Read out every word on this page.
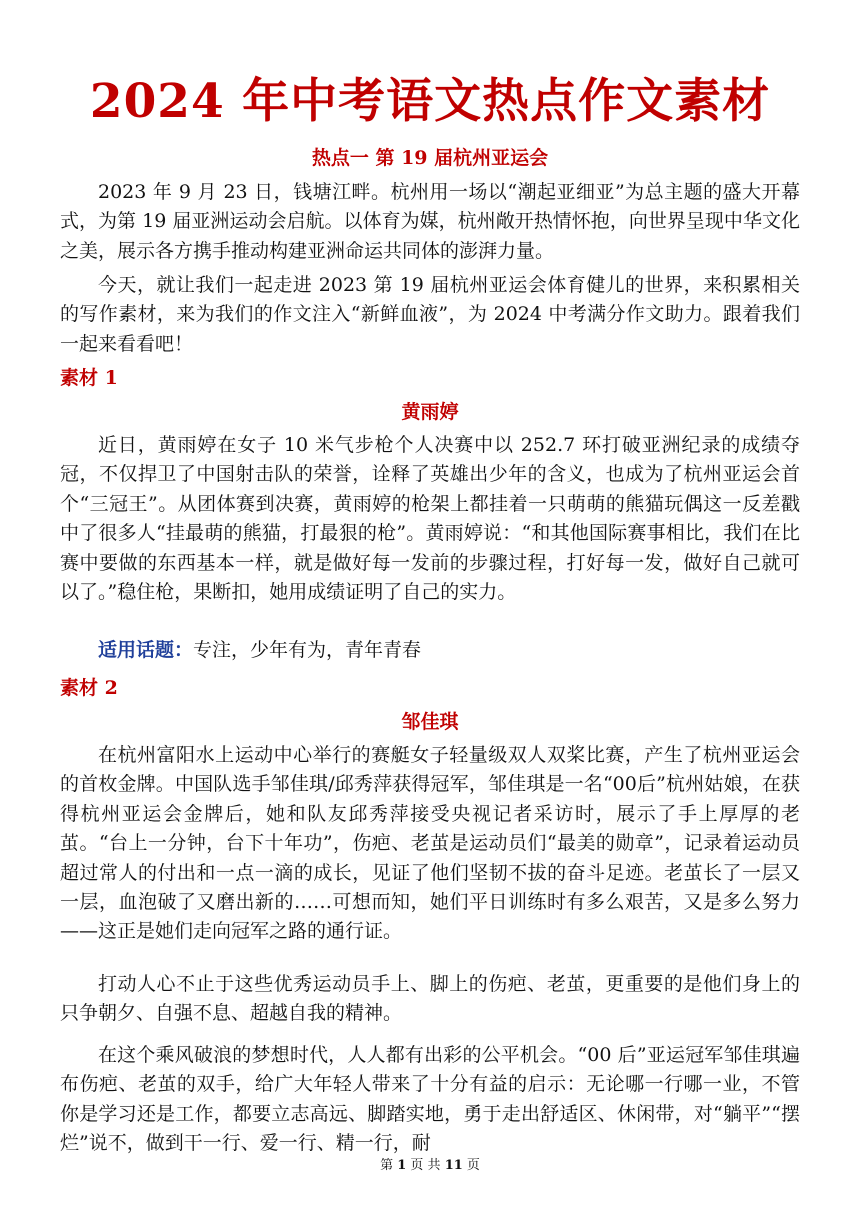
2024 年中考语文热点作文素材
热点一 第 19 届杭州亚运会

2023 年 9 月 23 日，钱塘江畔。杭州用一场以“潮起亚细亚”为总主题的盛大开幕式，为第 19 届亚洲运动会启航。以体育为媒，杭州敞开热情怀抱，向世界呈现中华文化之美，展示各方携手推动构建亚洲命运共同体的澎湃力量。

今天，就让我们一起走进 2023 第 19 届杭州亚运会体育健儿的世界，来积累相关的写作素材，来为我们的作文注入“新鲜血液”，为 2024 中考满分作文助力。跟着我们一起来看看吧！

素材 1
黄雨婷

近日，黄雨婷在女子 10 米气步枪个人决赛中以 252.7 环打破亚洲纪录的成绩夺冠，不仅捍卫了中国射击队的荣誉，诠释了英雄出少年的含义，也成为了杭州亚运会首个“三冠王”。从团体赛到决赛，黄雨婷的枪架上都挂着一只萌萌的熊猫玩偶这一反差戳中了很多人“挂最萌的熊猫，打最狠的枪”。黄雨婷说：“和其他国际赛事相比，我们在比赛中要做的东西基本一样，就是做好每一发前的步骤过程，打好每一发，做好自己就可以了。”稳住枪，果断扣，她用成绩证明了自己的实力。

适用话题：专注，少年有为，青年青春
素材 2
邹佳琪

在杭州富阳水上运动中心举行的赛艇女子轻量级双人双桨比赛，产生了杭州亚运会的首枚金牌。中国队选手邹佳琪/邱秀萍获得冠军，邹佳琪是一名“00后”杭州姑娘，在获得杭州亚运会金牌后，她和队友邱秀萍接受央视记者采访时，展示了手上厚厚的老茧。“台上一分钟，台下十年功”，伤疤、老茧是运动员们“最美的勋章”，记录着运动员超过常人的付出和一点一滴的成长，见证了他们坚韧不拔的奋斗足迹。老茧长了一层又一层，血泡破了又磨出新的……可想而知，她们平日训练时有多么艰苦，又是多么努力——这正是她们走向冠军之路的通行证。

打动人心不止于这些优秀运动员手上、脚上的伤疤、老茧，更重要的是他们身上的只争朝夕、自强不息、超越自我的精神。

在这个乘风破浪的梦想时代，人人都有出彩的公平机会。“00 后”亚运冠军邹佳琪遍布伤疤、老茧的双手，给广大年轻人带来了十分有益的启示：无论哪一行哪一业，不管你是学习还是工作，都要立志高远、脚踏实地，勇于走出舒适区、休闲带，对“躺平”“摆烂”说不，做到干一行、爱一行、精一行，耐

第 1 页 共 11 页
